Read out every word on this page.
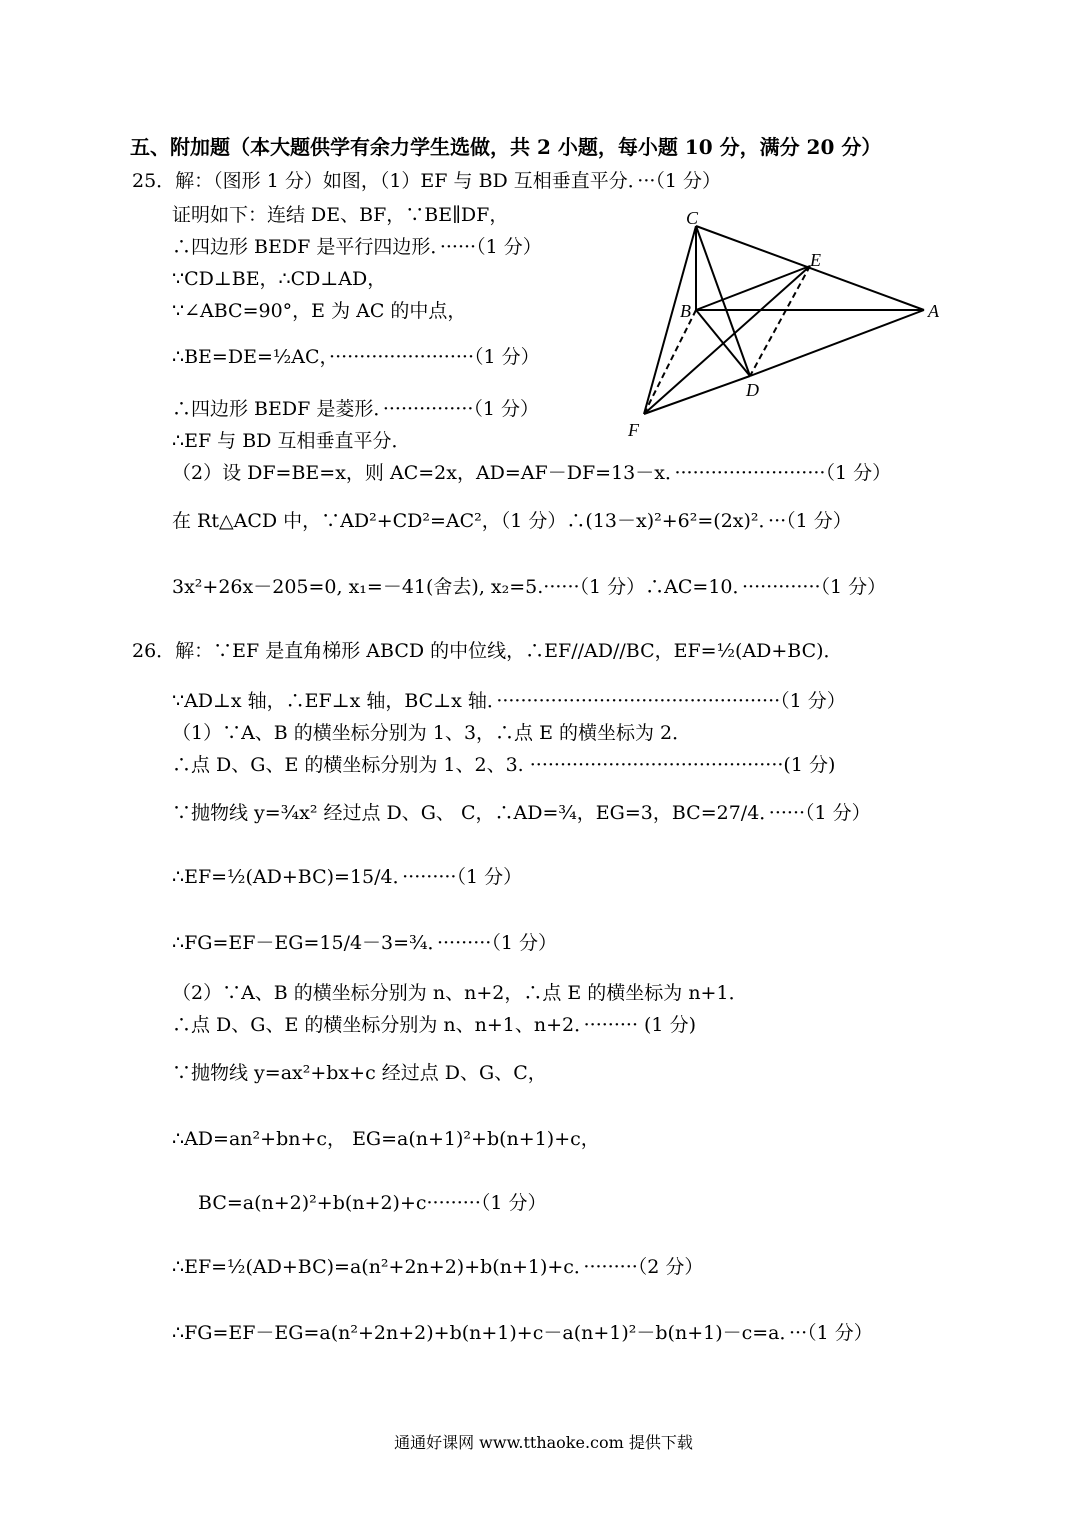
五、附加题（本大题供学有余力学生选做，共 2 小题，每小题 10 分，满分 20 分）
25．解：（图形 1 分）如图，（1）EF 与 BD 互相垂直平分．···（1 分）
证明如下：连结 DE、BF，∵BE∥DF，
∴四边形 BEDF 是平行四边形．······（1 分）
∵CD⊥BE，∴CD⊥AD，
∵∠ABC=90°，E 为 AC 的中点，
∴BE=DE=½AC，························（1 分）
∴四边形 BEDF 是菱形．···············（1 分）
∴EF 与 BD 互相垂直平分．
（2）设 DF=BE=x，则 AC=2x，AD=AF－DF=13－x．·························（1 分）
在 Rt△ACD 中，∵AD²+CD²=AC²，（1 分）∴(13－x)²+6²=(2x)²．···（1 分）
3x²+26x－205=0, x₁=－41(舍去), x₂=5.······（1 分）∴AC=10．·············（1 分）
C
E
B	A
D
F
26．解：∵EF 是直角梯形 ABCD 的中位线，∴EF//AD//BC，EF=½(AD+BC)．
∵AD⊥x 轴，∴EF⊥x 轴，BC⊥x 轴．···············································（1 分）
（1）∵A、B 的横坐标分别为 1、3，∴点 E 的横坐标为 2．
∴点 D、G、E 的横坐标分别为 1、2、3. ··········································(1 分)
∵抛物线 y=¾x² 经过点 D、G、 C，∴AD=¾，EG=3，BC=27/4．······（1 分）
∴EF=½(AD+BC)=15/4．·········（1 分）
∴FG=EF－EG=15/4－3=¾．·········（1 分）
（2）∵A、B 的横坐标分别为 n、n+2，∴点 E 的横坐标为 n+1．
∴点 D、G、E 的横坐标分别为 n、n+1、n+2．········· (1 分)
∵抛物线 y=ax²+bx+c 经过点 D、G、C，
∴AD=an²+bn+c， EG=a(n+1)²+b(n+1)+c，
BC=a(n+2)²+b(n+2)+c·········（1 分）
∴EF=½(AD+BC)=a(n²+2n+2)+b(n+1)+c．·········（2 分）
∴FG=EF－EG=a(n²+2n+2)+b(n+1)+c－a(n+1)²－b(n+1)－c=a．···（1 分）
通通好课网 www.tthaoke.com 提供下载
